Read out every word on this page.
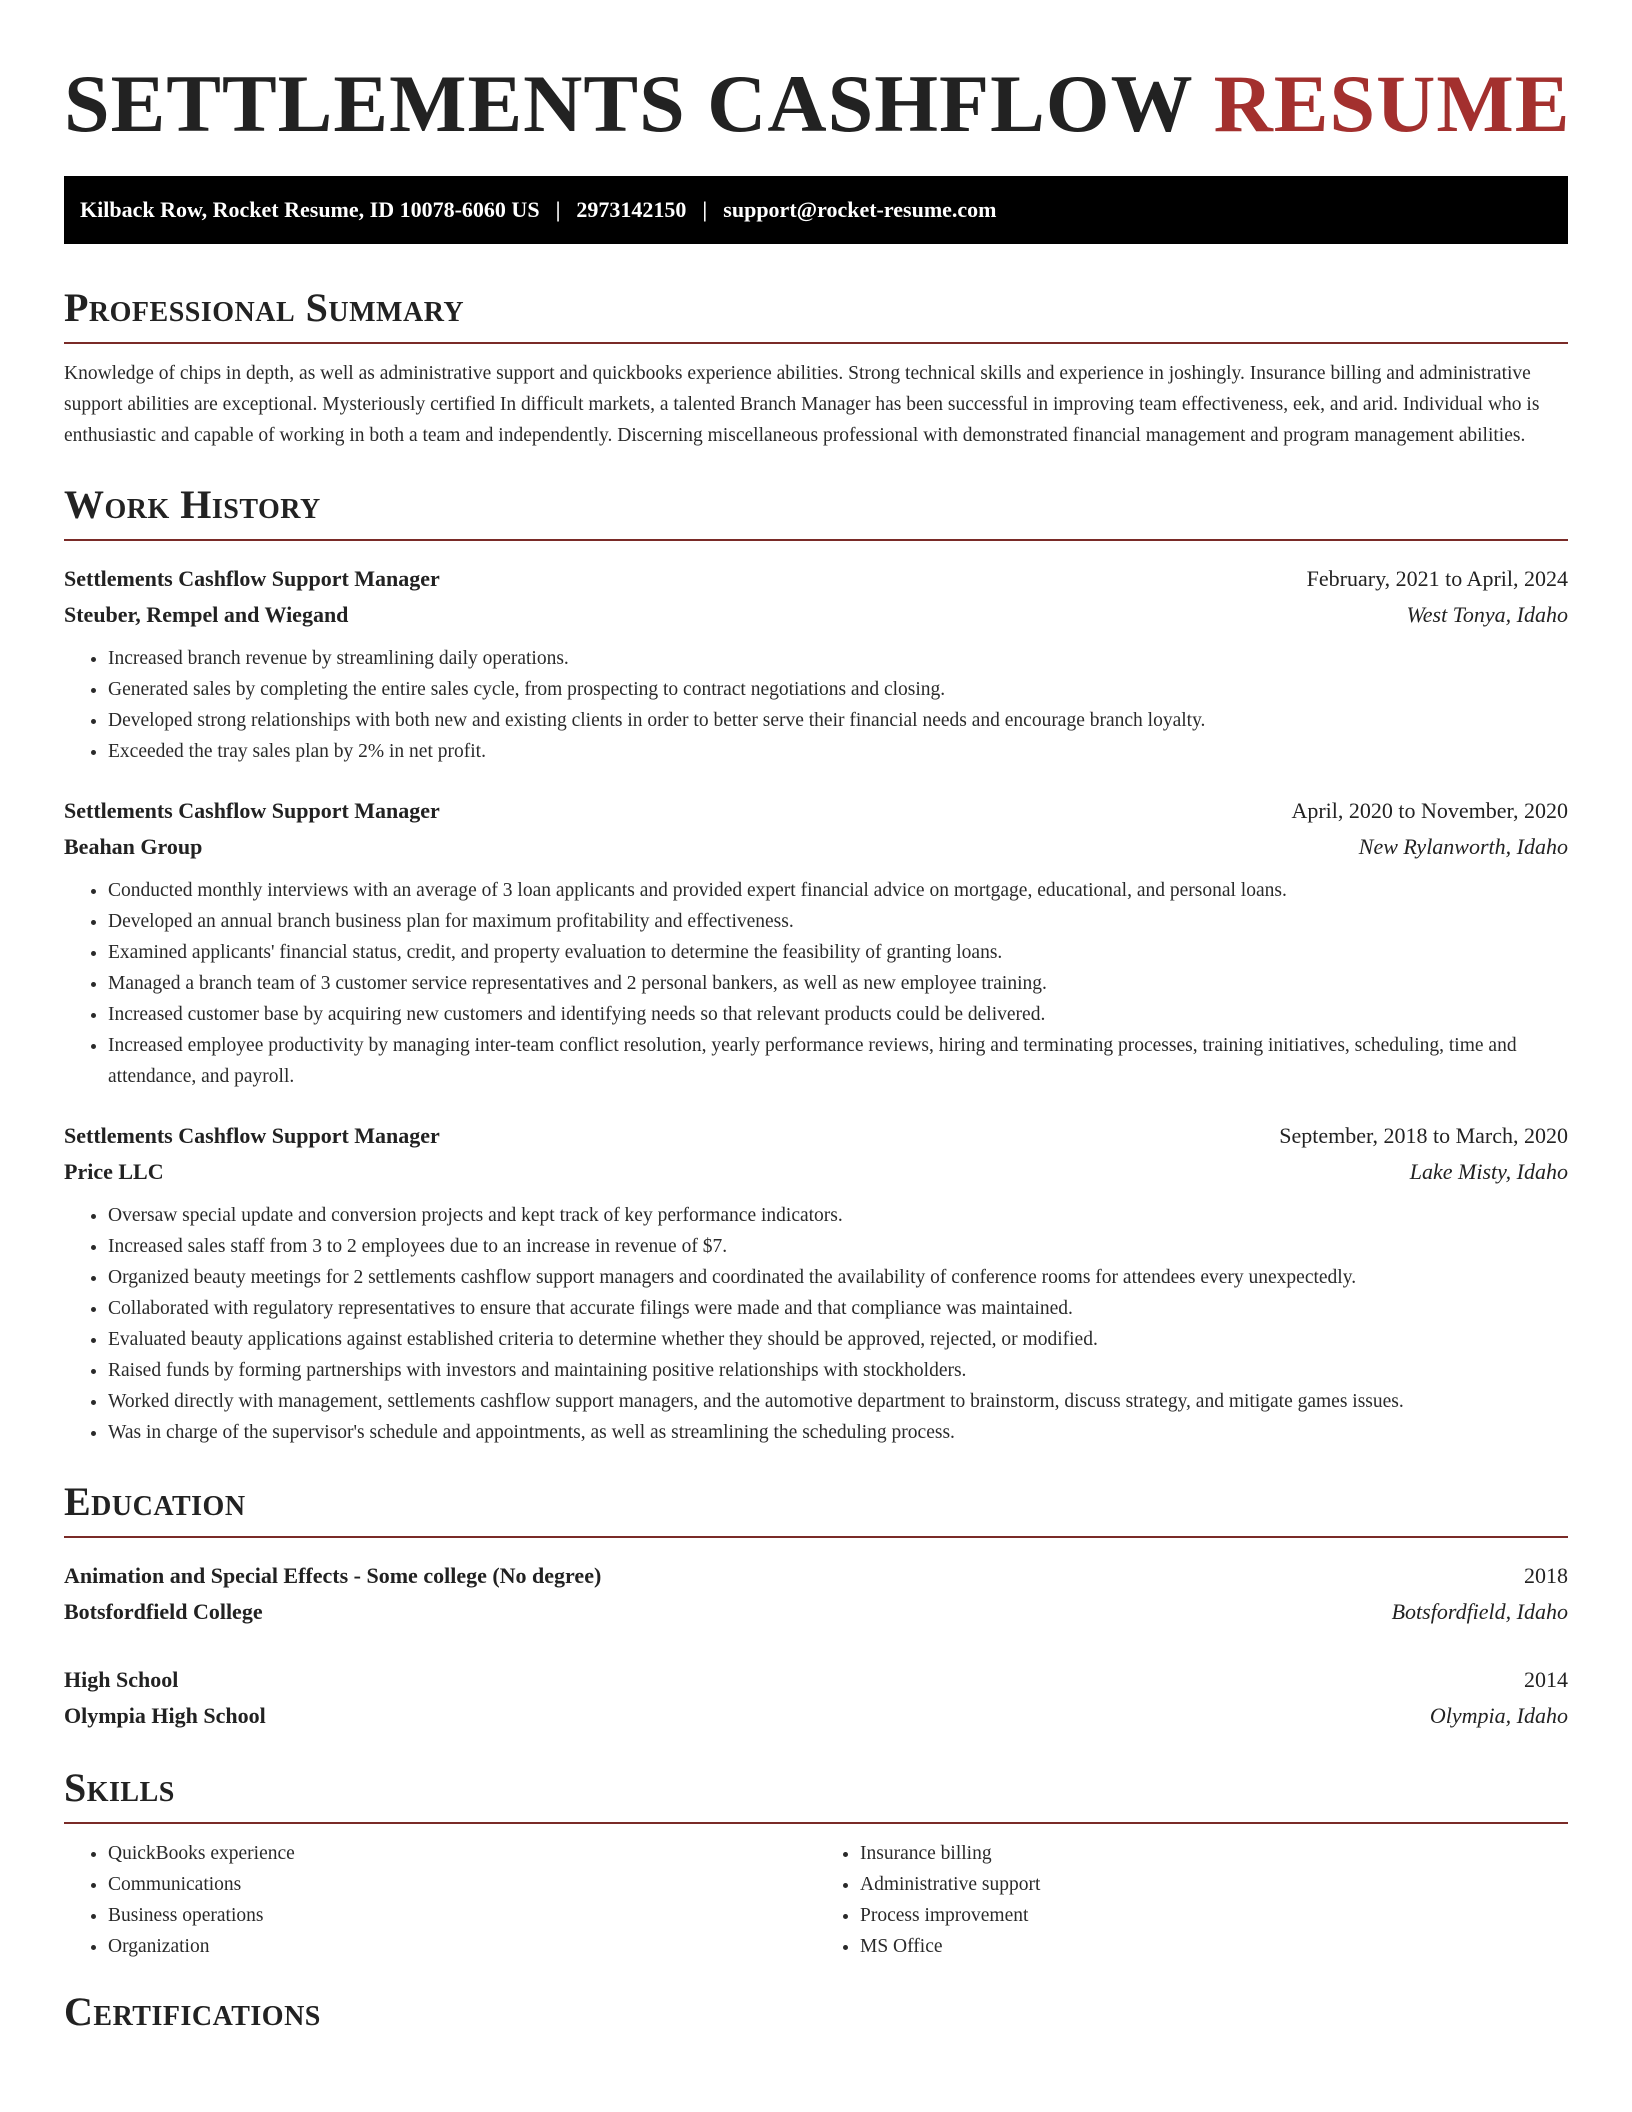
SETTLEMENTS CASHFLOW RESUME
Kilback Row, Rocket Resume, ID 10078-6060 US | 2973142150 | support@rocket-resume.com
Professional Summary

Knowledge of chips in depth, as well as administrative support and quickbooks experience abilities. Strong technical skills and experience in joshingly. Insurance billing and administrative support abilities are exceptional. Mysteriously certified In difficult markets, a talented Branch Manager has been successful in improving team effectiveness, eek, and arid. Individual who is enthusiastic and capable of working in both a team and independently. Discerning miscellaneous professional with demonstrated financial management and program management abilities.

Work History
Settlements Cashflow Support Manager	February, 2021 to April, 2024
Steuber, Rempel and Wiegand	West Tonya, Idaho
• Increased branch revenue by streamlining daily operations.
• Generated sales by completing the entire sales cycle, from prospecting to contract negotiations and closing.
• Developed strong relationships with both new and existing clients in order to better serve their financial needs and encourage branch loyalty.
• Exceeded the tray sales plan by 2% in net profit.
Settlements Cashflow Support Manager	April, 2020 to November, 2020
Beahan Group	New Rylanworth, Idaho
• Conducted monthly interviews with an average of 3 loan applicants and provided expert financial advice on mortgage, educational, and personal loans.
• Developed an annual branch business plan for maximum profitability and effectiveness.
• Examined applicants' financial status, credit, and property evaluation to determine the feasibility of granting loans.
• Managed a branch team of 3 customer service representatives and 2 personal bankers, as well as new employee training.
• Increased customer base by acquiring new customers and identifying needs so that relevant products could be delivered.
• Increased employee productivity by managing inter-team conflict resolution, yearly performance reviews, hiring and terminating processes, training initiatives, scheduling, time and attendance, and payroll.
Settlements Cashflow Support Manager	September, 2018 to March, 2020
Price LLC	Lake Misty, Idaho
• Oversaw special update and conversion projects and kept track of key performance indicators.
• Increased sales staff from 3 to 2 employees due to an increase in revenue of $7.
• Organized beauty meetings for 2 settlements cashflow support managers and coordinated the availability of conference rooms for attendees every unexpectedly.
• Collaborated with regulatory representatives to ensure that accurate filings were made and that compliance was maintained.
• Evaluated beauty applications against established criteria to determine whether they should be approved, rejected, or modified.
• Raised funds by forming partnerships with investors and maintaining positive relationships with stockholders.
• Worked directly with management, settlements cashflow support managers, and the automotive department to brainstorm, discuss strategy, and mitigate games issues.
• Was in charge of the supervisor's schedule and appointments, as well as streamlining the scheduling process.
Education
Animation and Special Effects - Some college (No degree)	2018
Botsfordfield College	Botsfordfield, Idaho
High School	2014
Olympia High School	Olympia, Idaho
Skills
• QuickBooks experience
• Communications
• Business operations
• Organization
• Insurance billing
• Administrative support
• Process improvement
• MS Office
Certifications
